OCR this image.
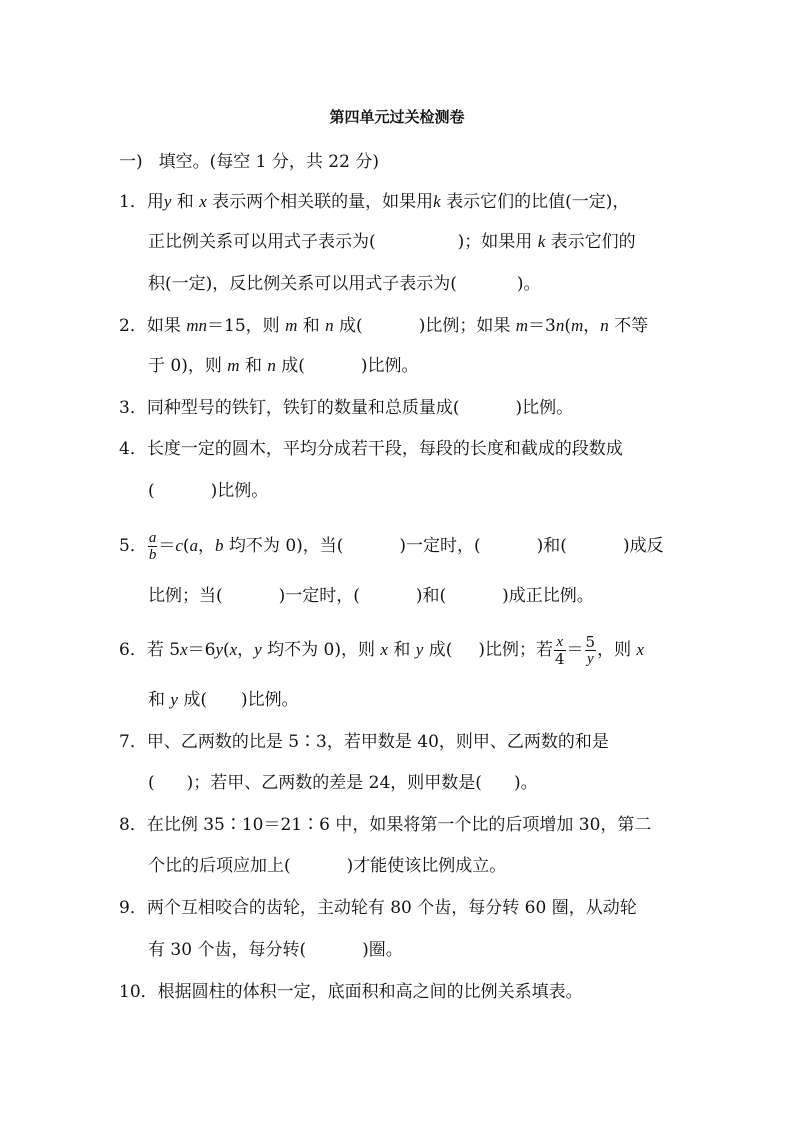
第四单元过关检测卷
一) 填空。(每空 1 分，共 22 分)
1．用y 和 x 表示两个相关联的量，如果用k 表示它们的比值(一定)，
正比例关系可以用式子表示为(	)；如果用 k 表示它们的
积(一定)，反比例关系可以用式子表示为(	)。
2．如果 mn＝15，则 m 和 n 成(	)比例；如果 m＝3n(m，n 不等
于 0)，则 m 和 n 成(	)比例。
3．同种型号的铁钉，铁钉的数量和总质量成(	)比例。
4．长度一定的圆木，平均分成若干段，每段的长度和截成的段数成
(	)比例。
5． $\frac{a}{b} =c(a$，b 均不为 0)，当(	)一定时，(	)和(	)成反
比例；当(	)一定时，(	)和(	)成正比例。
6．若 5x＝6y(x，y 均不为 0)，则 x 和 y 成( )比例；若 $\frac{x}{4} = \frac{5}{y}$ ，则 x
和 y 成( )比例。
7．甲、乙两数的比是 5∶3，若甲数是 40，则甲、乙两数的和是
( )；若甲、乙两数的差是 24，则甲数是( )。
8．在比例 35∶10＝21∶6 中，如果将第一个比的后项增加 30，第二
个比的后项应加上(	)才能使该比例成立。
9．两个互相咬合的齿轮，主动轮有 80 个齿，每分转 60 圈，从动轮
有 30 个齿，每分转(	)圈。
10．根据圆柱的体积一定，底面积和高之间的比例关系填表。
